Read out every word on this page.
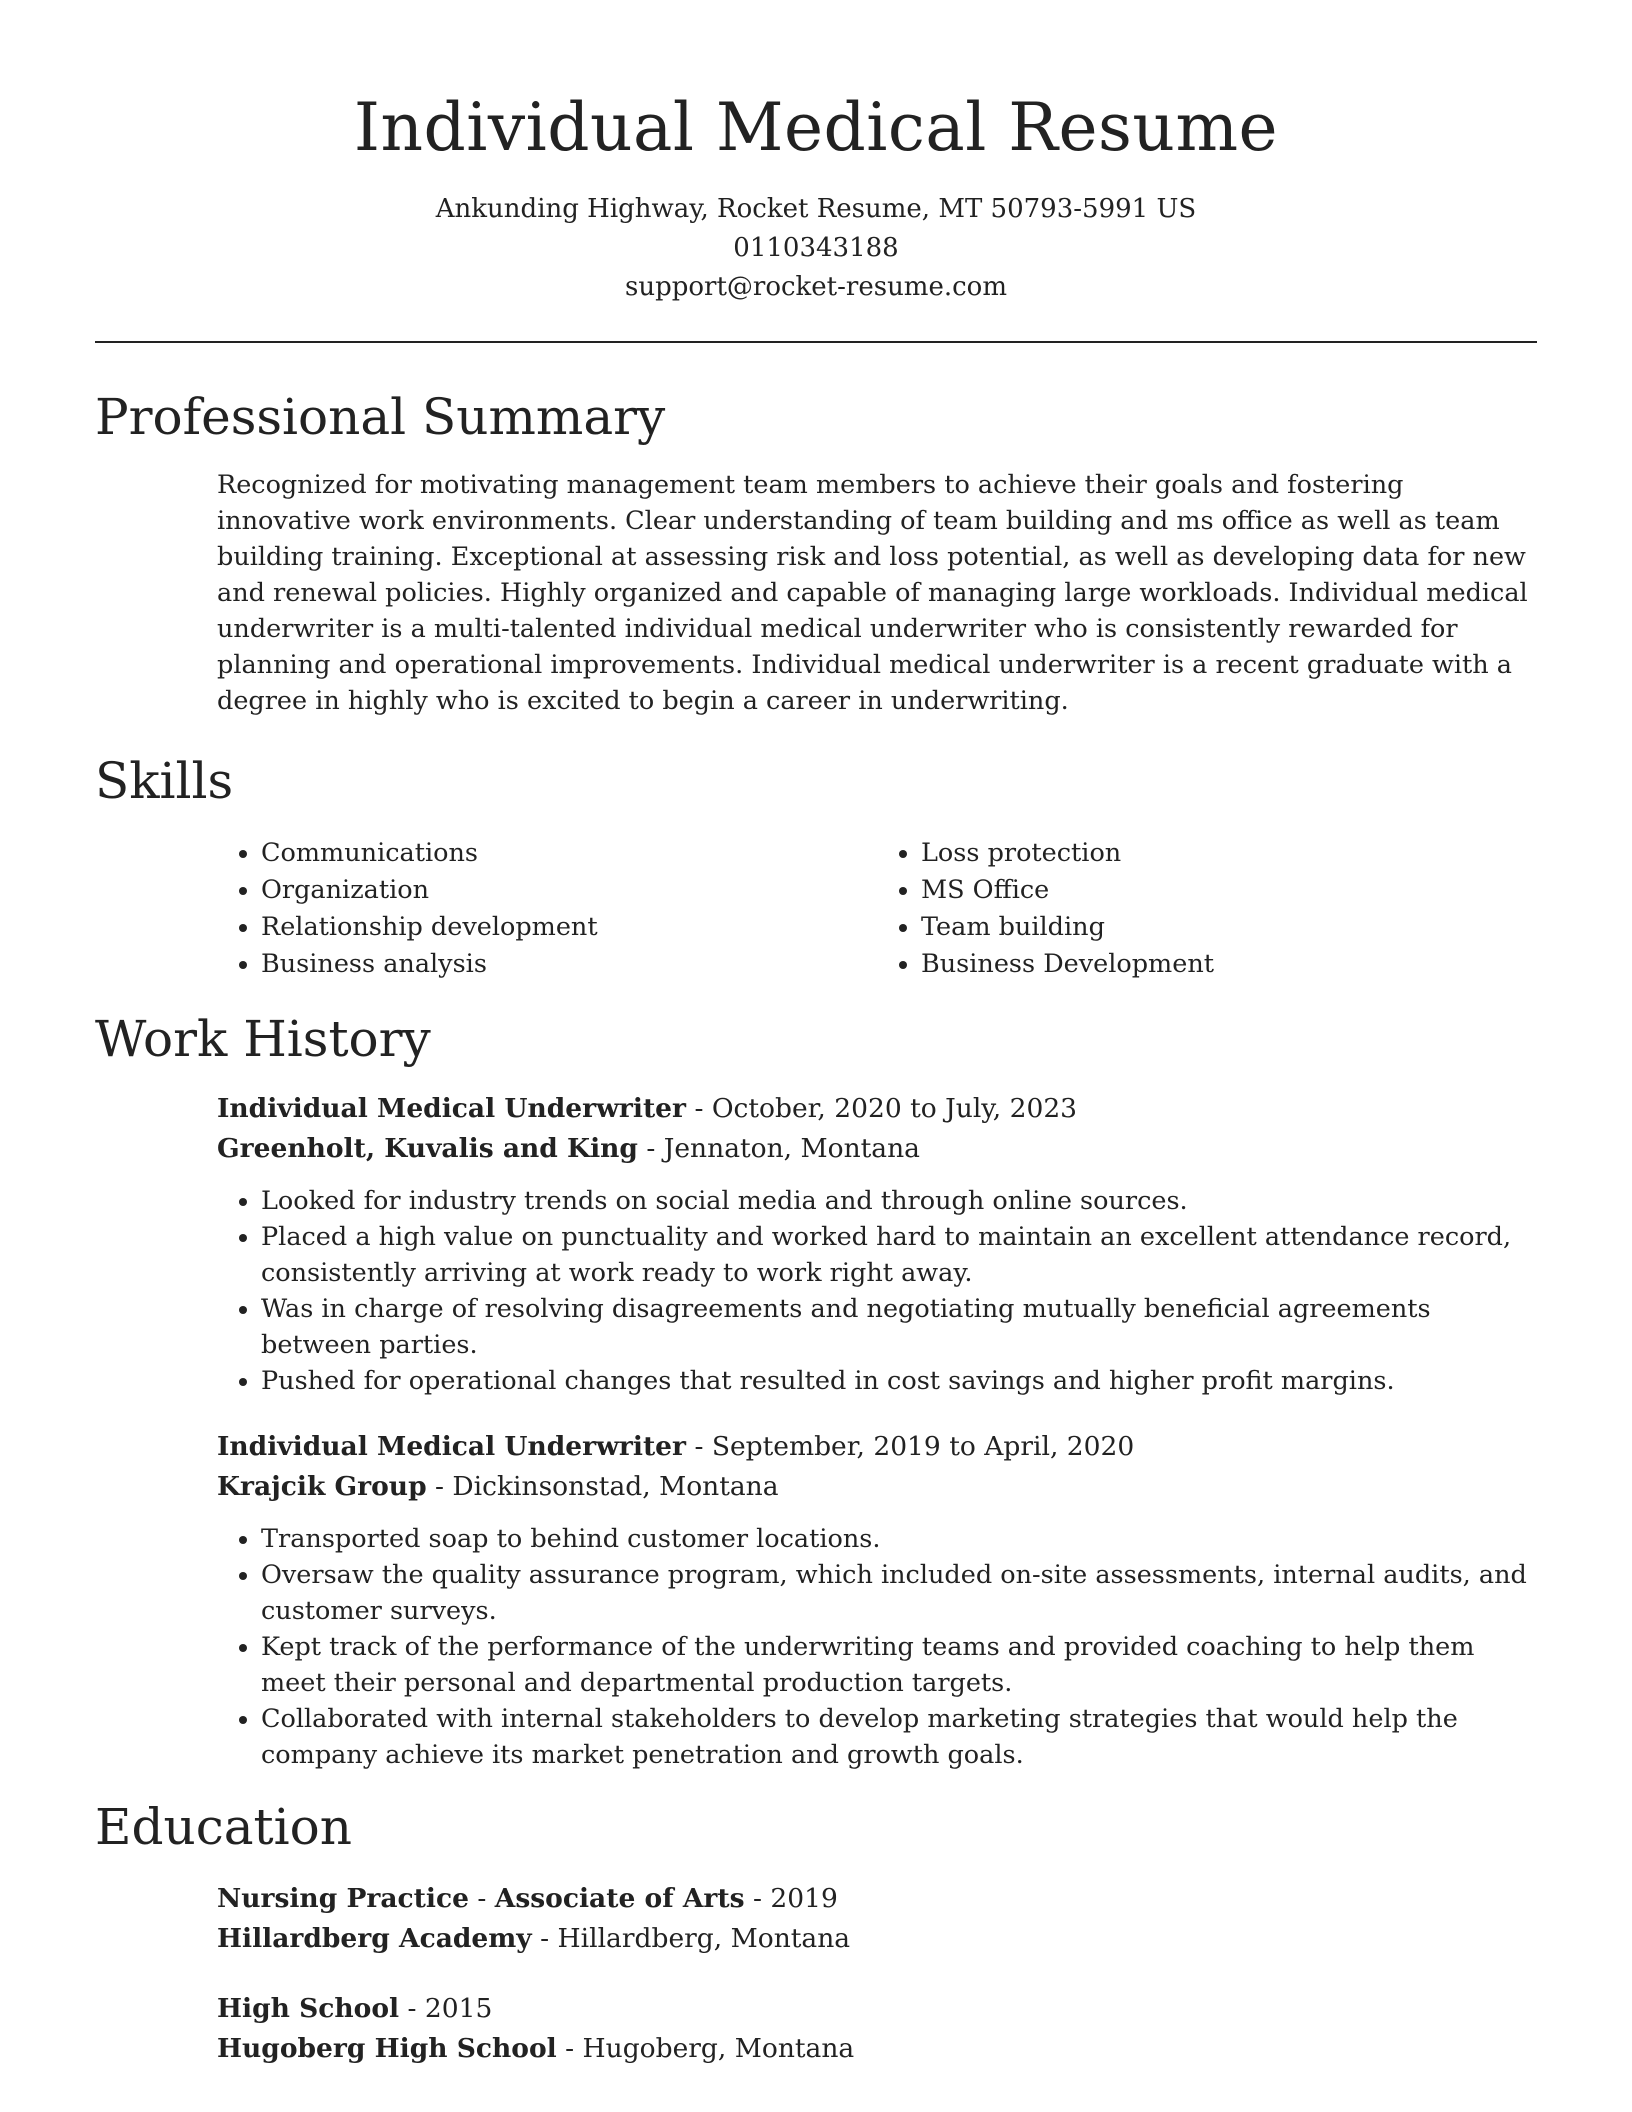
Individual Medical Resume
Ankunding Highway, Rocket Resume, MT 50793-5991 US
0110343188
support@rocket-resume.com
Professional Summary

Recognized for motivating management team members to achieve their goals and fostering innovative work environments. Clear understanding of team building and ms office as well as team building training. Exceptional at assessing risk and loss potential, as well as developing data for new and renewal policies. Highly organized and capable of managing large workloads. Individual medical underwriter is a multi-talented individual medical underwriter who is consistently rewarded for planning and operational improvements. Individual medical underwriter is a recent graduate with a degree in highly who is excited to begin a career in underwriting.

Skills
• Communications
• Organization
• Relationship development
• Business analysis
• Loss protection
• MS Office
• Team building
• Business Development
Work History
Individual Medical Underwriter - October, 2020 to July, 2023
Greenholt, Kuvalis and King - Jennaton, Montana
• Looked for industry trends on social media and through online sources.
• Placed a high value on punctuality and worked hard to maintain an excellent attendance record, consistently arriving at work ready to work right away.
• Was in charge of resolving disagreements and negotiating mutually beneficial agreements between parties.
• Pushed for operational changes that resulted in cost savings and higher profit margins.
Individual Medical Underwriter - September, 2019 to April, 2020
Krajcik Group - Dickinsonstad, Montana
• Transported soap to behind customer locations.
• Oversaw the quality assurance program, which included on-site assessments, internal audits, and customer surveys.
• Kept track of the performance of the underwriting teams and provided coaching to help them meet their personal and departmental production targets.
• Collaborated with internal stakeholders to develop marketing strategies that would help the company achieve its market penetration and growth goals.
Education
Nursing Practice - Associate of Arts - 2019
Hillardberg Academy - Hillardberg, Montana
High School - 2015
Hugoberg High School - Hugoberg, Montana
